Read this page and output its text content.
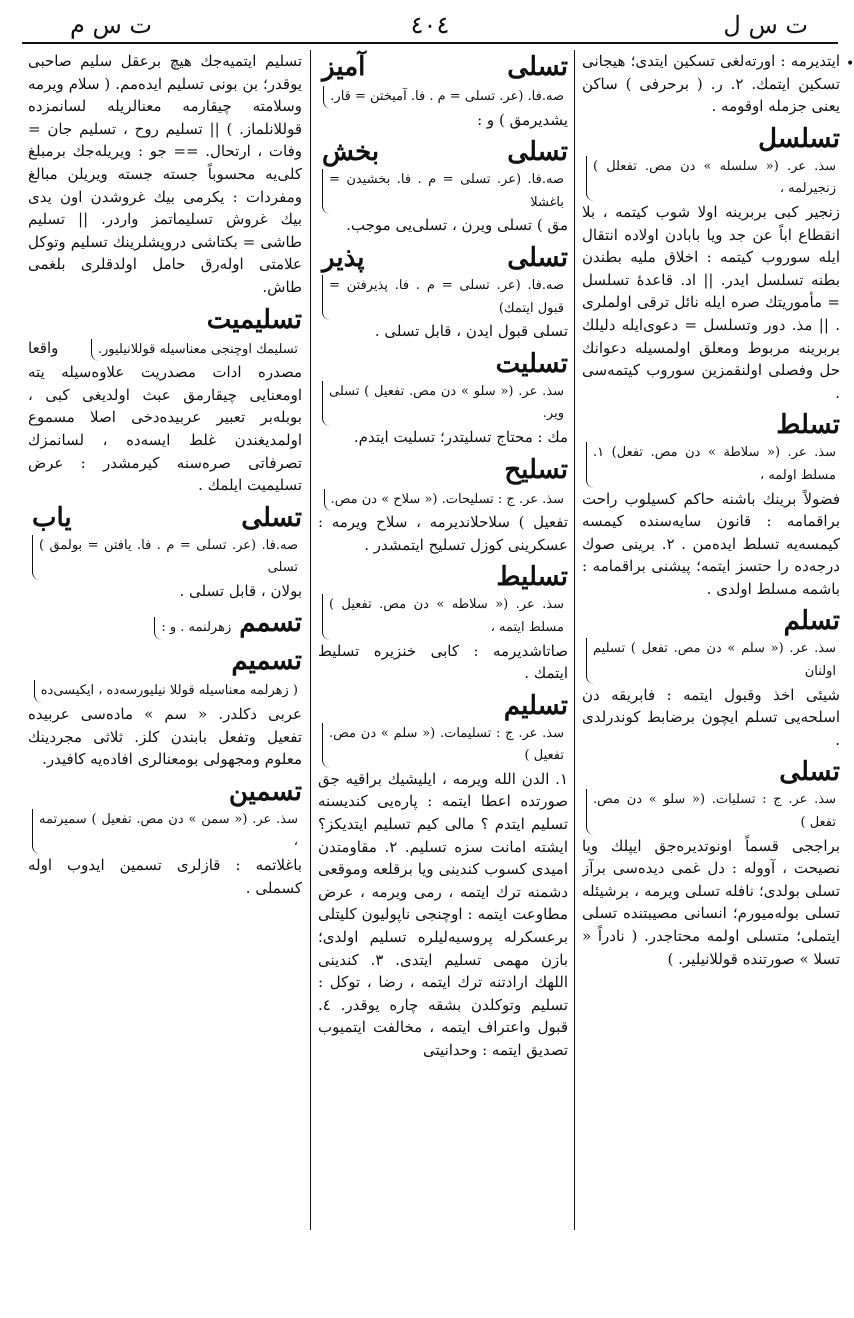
ت س ل
٤٠٤
ت س م
•
ایتدیرمه : اورته‌لغی تسکین ایتدی؛ هیجانی تسکین ایتمك. ۲. ر. ( برحرفی ) ساکن یعنی جزمله اوقومه .
تسلسلسذ. عر. (« سلسله » دن مص. تفعلل ) زنجیرلمه ، زنجیر کبی بربرینه اولا شوب کیتمه ، بلا انقطاع اباً عن جد ویا بابادن اولاده انتقال ایله سوروب کیتمه : اخلاق ملیه بطندن بطنه تسلسل ایدر. || اد. قاعدهٔ تسلسل = مأموریتك صره ایله نائل ترقی اولملری . || مذ. دور وتسلسل = دعوی‌ایله دلیلك بربرینه مربوط ومعلق اولمسیله دعوانك حل وفصلی اولنقمزین سوروب کیتمه‌سی .
تسلطسذ. عر. (« سلاطة » دن مص. تفعل) ۱. مسلط اولمه ، فضولاً برینك باشنه حاکم کسیلوب راحت براقمامه : قانون سایه‌سنده کیمسه کیمسه‌یه تسلط ایده‌من . ۲. برینی صوك درجه‌ده را حتسز ایتمه؛ پیشنی براقمامه : باشمه مسلط اولدی .
تسلمسذ. عر. (« سلم » دن مص. تفعل ) تسلیم اولنان شیئی اخذ وقبول ایتمه : فابریقه دن اسلحه‌یی تسلم ایچون برضابط کوندرلدی .
تسلیسذ. عر. ج : تسلیات. (« سلو » دن مص. تفعل ) براججی قسماً اونوتدیره‌جق ایپلك ویا نصیحت ، آووله : دل غمی دیده‌سی برآز تسلی بولدی؛ نافله تسلی ویرمه ، برشیئله تسلی بوله‌میورم؛ انسانی مصیبتنده تسلی ایتملی؛ متسلی اولمه محتاجدر. ( نادراً « تسلا » صورتنده قوللانیلیر. )
تسلی آمیزصه.فا. (عر. تسلی = م . فا. آمیختن = قار. یشدیرمق ) و :
تسلی بخشصه.فا. (عر. تسلی = م . فا. بخشیدن = باغشلا مق ) تسلی ویرن ، تسلی‌یی موجب.
تسلی پذیرصه.فا. (عر. تسلی = م . فا. پذیرفتن = قبول ایتمك) تسلی قبول ایدن ، قابل تسلی .
تسلیتسذ. عر. (« سلو » دن مص. تفعیل ) تسلی ویر. مك : محتاج تسلیتدر؛ تسلیت ایتدم.
تسلیحسذ. عر. ج : تسلیحات. (« سلاح » دن مص. تفعیل ) سلاحلاندیرمه ، سلاح ویرمه : عسکرینی کوزل تسلیح ایتمشدر .
تسلیطسذ. عر. (« سلاطه » دن مص. تفعیل ) مسلط ایتمه ، صاتاشدیرمه : کابی خنزیره تسلیط ایتمك .
تسلیمسذ. عر. ج : تسلیمات. (« سلم » دن مص. تفعیل ) ۱. الدن الله ویرمه ، ایلیشیك براقیه جق صورتده اعطا ایتمه : پاره‌یی کندیسنه تسلیم ایتدم ؟ مالی کیم تسلیم ایتدیکز؟ ایشته امانت سزه تسلیم. ۲. مقاومتدن امیدی کسوب کندینی ویا برقلعه وموقعی دشمنه ترك ایتمه ، رمی ویرمه ، عرض مطاوعت ایتمه : اوچنجی ناپولیون کلیتلی برعسکرله پروسیه‌لیلره تسلیم اولدی؛ بازن مهمی تسلیم ایتدی. ۳. کندینی اللهك ارادتنه ترك ایتمه ، رضا ، توکل : تسلیم وتوکلدن بشقه چاره یوقدر. ٤. قبول واعتراف ایتمه ، مخالفت ایتمیوب تصدیق ایتمه : وحدانیتی
تسلیم ایتمیه‌جك هیچ برعقل سلیم صاحبی یوقدر؛ بن بونی تسلیم ایده‌مم. ( سلام ویرمه وسلامته چیقارمه معنالریله لسانمزده قوللانلماز. ) || تسلیم روح ، تسلیم جان = وفات ، ارتحال. == جو : ویریله‌جك برمبلغ کلی‌یه محسوباً جسته جسته ویریلن مبالغ ومفردات : یکرمی بیك غروشدن اون یدی بیك غروش تسلیماتمز واردر. || تسلیم طاشی = بکتاشی درویشلرینك تسلیم وتوکل علامتی اوله‌رق حامل اولدقلری بلغمی طاش.
تسلیمیتتسلیمك اوچنجی معناسیله قوللانیلیور. واقعا مصدره ادات مصدریت علاوه‌سیله یته اومعنایی چیقارمق عبث اولدیغی کبی ، بوبله‌بر تعبیر عربیده‌دخی اصلا مسموع اولمدیغندن غلط ایسه‌ده ، لسانمزك تصرفاتی صره‌سنه کیرمشدر : عرض تسلیمیت ایلمك .
تسلی یابصه.فا. (عر. تسلی = م . فا. یافتن = بولمق ) تسلی بولان ، قابل تسلی .
تسممزهرلنمه . و :
تسمیم( زهرلمه معناسیله قوللا نیلیورسه‌ده ، ایکیسی‌ده عربی دکلدر. « سم » ماده‌سی عربیده تفعیل وتفعل بابندن کلز. ثلاثی مجردینك معلوم ومجهولی بومعنالری افاده‌یه کافیدر.
تسمینسذ. عر. (« سمن » دن مص. تفعیل ) سمیرتمه ، باغلاتمه : قازلری تسمین ایدوب اوله کسملی .
